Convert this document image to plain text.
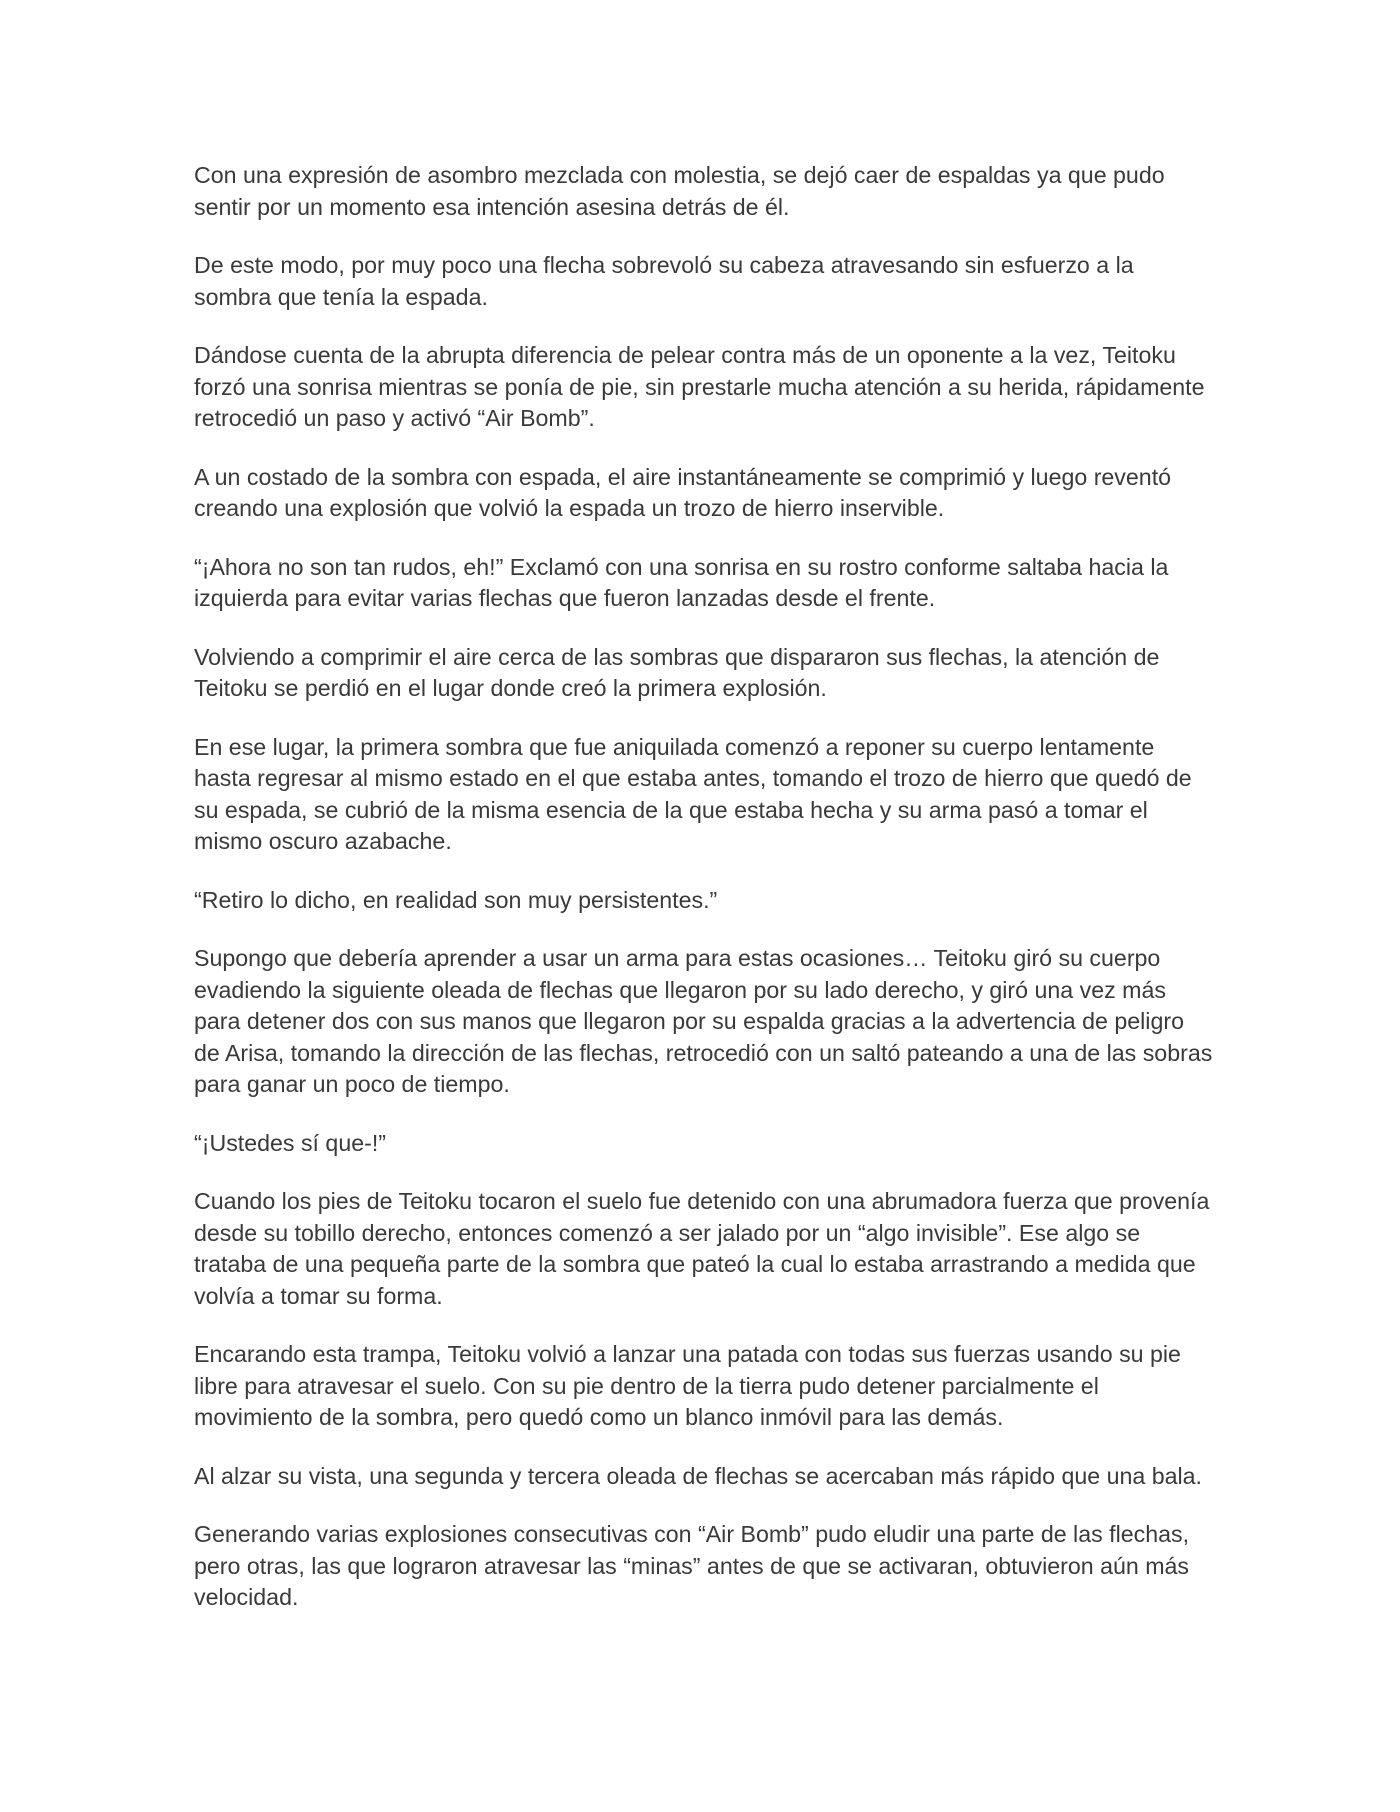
Con una expresión de asombro mezclada con molestia, se dejó caer de espaldas ya que pudo sentir por un momento esa intención asesina detrás de él.

De este modo, por muy poco una flecha sobrevoló su cabeza atravesando sin esfuerzo a la sombra que tenía la espada.

Dándose cuenta de la abrupta diferencia de pelear contra más de un oponente a la vez, Teitoku forzó una sonrisa mientras se ponía de pie, sin prestarle mucha atención a su herida, rápidamente retrocedió un paso y activó “Air Bomb”.

A un costado de la sombra con espada, el aire instantáneamente se comprimió y luego reventó creando una explosión que volvió la espada un trozo de hierro inservible.

“¡Ahora no son tan rudos, eh!” Exclamó con una sonrisa en su rostro conforme saltaba hacia la izquierda para evitar varias flechas que fueron lanzadas desde el frente.

Volviendo a comprimir el aire cerca de las sombras que dispararon sus flechas, la atención de Teitoku se perdió en el lugar donde creó la primera explosión.

En ese lugar, la primera sombra que fue aniquilada comenzó a reponer su cuerpo lentamente hasta regresar al mismo estado en el que estaba antes, tomando el trozo de hierro que quedó de su espada, se cubrió de la misma esencia de la que estaba hecha y su arma pasó a tomar el mismo oscuro azabache.

“Retiro lo dicho, en realidad son muy persistentes.”

Supongo que debería aprender a usar un arma para estas ocasiones… Teitoku giró su cuerpo evadiendo la siguiente oleada de flechas que llegaron por su lado derecho, y giró una vez más para detener dos con sus manos que llegaron por su espalda gracias a la advertencia de peligro de Arisa, tomando la dirección de las flechas, retrocedió con un saltó pateando a una de las sobras para ganar un poco de tiempo.

“¡Ustedes sí que-!”

Cuando los pies de Teitoku tocaron el suelo fue detenido con una abrumadora fuerza que provenía desde su tobillo derecho, entonces comenzó a ser jalado por un “algo invisible”. Ese algo se trataba de una pequeña parte de la sombra que pateó la cual lo estaba arrastrando a medida que volvía a tomar su forma.

Encarando esta trampa, Teitoku volvió a lanzar una patada con todas sus fuerzas usando su pie libre para atravesar el suelo. Con su pie dentro de la tierra pudo detener parcialmente el movimiento de la sombra, pero quedó como un blanco inmóvil para las demás.

Al alzar su vista, una segunda y tercera oleada de flechas se acercaban más rápido que una bala.

Generando varias explosiones consecutivas con “Air Bomb” pudo eludir una parte de las flechas, pero otras, las que lograron atravesar las “minas” antes de que se activaran, obtuvieron aún más velocidad.
